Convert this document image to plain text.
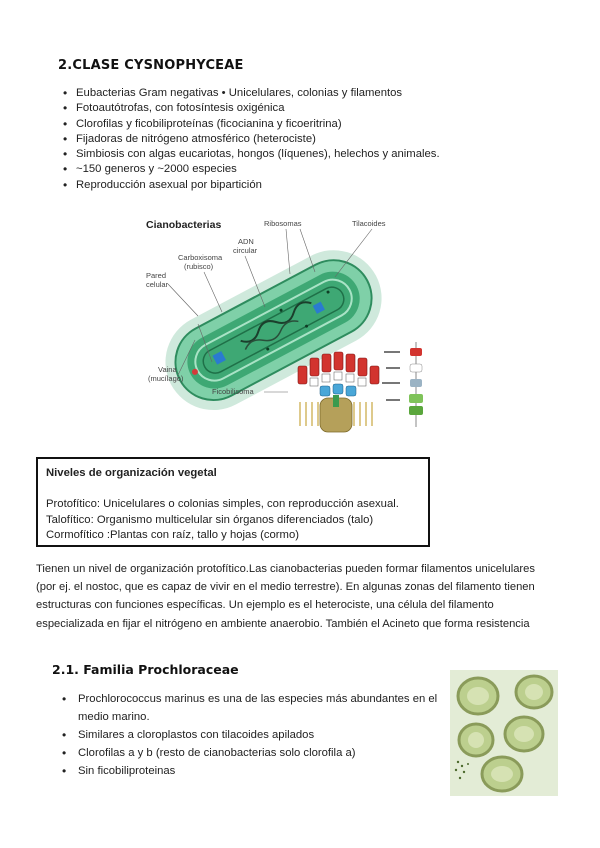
2.CLASE CYSNOPHYCEAE
• Eubacterias Gram negativas • Unicelulares, colonias y filamentos
• Fotoautótrofas, con fotosíntesis oxigénica
• Clorofilas y ficobiliproteínas (ficocianina y ficoeritrina)
• Fijadoras de nitrógeno atmosférico (heterociste)
• Simbiosis con algas eucariotas, hongos (líquenes), helechos y animales.
• ~150 generos y ~2000 especies
• Reproducción asexual por bipartición
Cianobacterias	Ribosomas	Tilacoides
ADN
circular
Carboxisoma
(rubisco)
Pared
celular
Vaina
(mucílago)
Ficobilisoma
Niveles de organización vegetal
Protofítico: Unicelulares o colonias simples, con reproducción asexual.
Talofítico: Organismo multicelular sin órganos diferenciados (talo)
Cormofítico :Plantas con raíz, tallo y hojas (cormo)
Tienen un nivel de organización protofítico.Las cianobacterias pueden formar filamentos unicelulares (por ej. el nostoc, que es capaz de vivir en el medio terrestre). En algunas zonas del filamento tienen estructuras con funciones específicas. Un ejemplo es el heterociste, una célula del filamento especializada en fijar el nitrógeno en ambiente anaerobio. También el Acineto que forma resistencia
2.1. Familia Prochloraceae
• Prochlorococcus marinus es una de las especies más abundantes en el medio marino.
• Similares a cloroplastos con tilacoides apilados
• Clorofilas a y b (resto de cianobacterias solo clorofila a)
• Sin ficobiliproteinas
